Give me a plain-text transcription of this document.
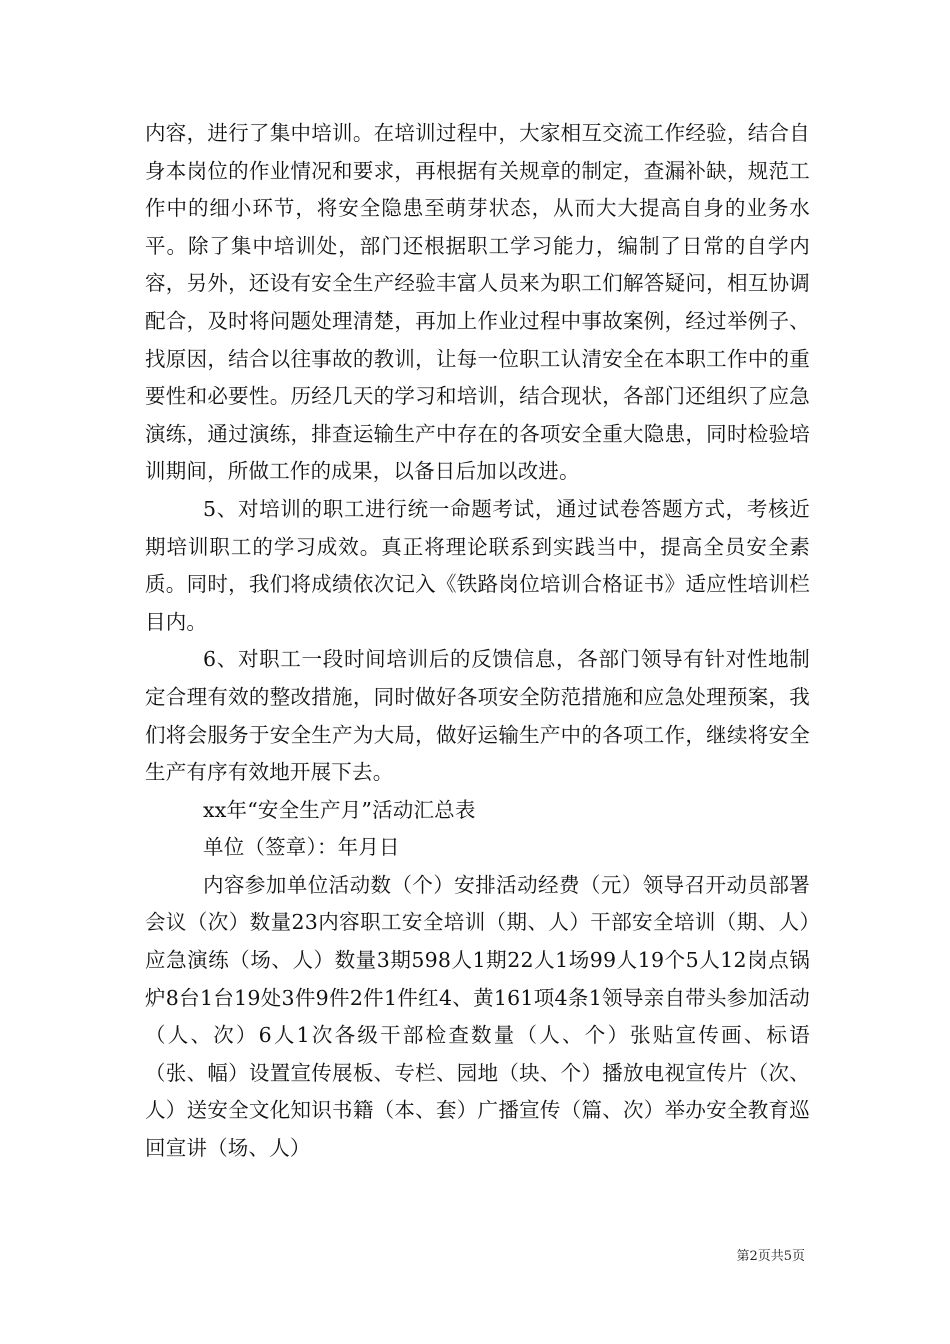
内容，进行了集中培训。在培训过程中，大家相互交流工作经验，结合自身本岗位的作业情况和要求，再根据有关规章的制定，查漏补缺，规范工作中的细小环节，将安全隐患至萌芽状态，从而大大提高自身的业务水平。除了集中培训处，部门还根据职工学习能力，编制了日常的自学内容，另外，还设有安全生产经验丰富人员来为职工们解答疑问，相互协调配合，及时将问题处理清楚，再加上作业过程中事故案例，经过举例子、找原因，结合以往事故的教训，让每一位职工认清安全在本职工作中的重要性和必要性。历经几天的学习和培训，结合现状，各部门还组织了应急演练，通过演练，排查运输生产中存在的各项安全重大隐患，同时检验培训期间，所做工作的成果，以备日后加以改进。

5、对培训的职工进行统一命题考试，通过试卷答题方式，考核近期培训职工的学习成效。真正将理论联系到实践当中，提高全员安全素质。同时，我们将成绩依次记入《铁路岗位培训合格证书》适应性培训栏目内。

6、对职工一段时间培训后的反馈信息，各部门领导有针对性地制定合理有效的整改措施，同时做好各项安全防范措施和应急处理预案，我们将会服务于安全生产为大局，做好运输生产中的各项工作，继续将安全生产有序有效地开展下去。

xx年“安全生产月”活动汇总表

单位（签章）：年月日

内容参加单位活动数（个）安排活动经费（元）领导召开动员部署会议（次）数量23内容职工安全培训（期、人）干部安全培训（期、人）应急演练（场、人）数量3期598人1期22人1场99人19个5人12岗点锅炉8台1台19处3件9件2件1件红4、黄161项4条1领导亲自带头参加活动（人、次）6人1次各级干部检查数量（人、个）张贴宣传画、标语（张、幅）设置宣传展板、专栏、园地（块、个）播放电视宣传片（次、人）送安全文化知识书籍（本、套）广播宣传（篇、次）举办安全教育巡回宣讲（场、人）

第2页共5页
